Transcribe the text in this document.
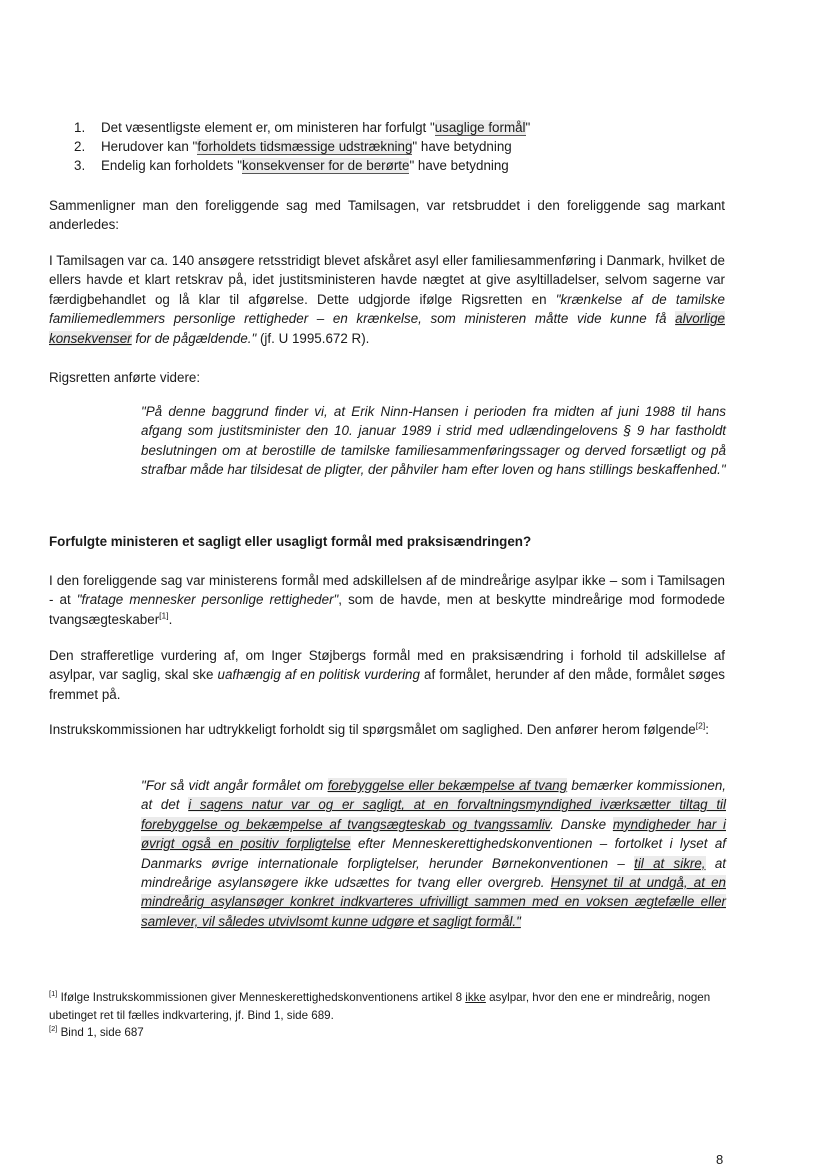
1. Det væsentligste element er, om ministeren har forfulgt "usaglige formål"
2. Herudover kan "forholdets tidsmæssige udstrækning" have betydning
3. Endelig kan forholdets "konsekvenser for de berørte" have betydning

Sammenligner man den foreliggende sag med Tamilsagen, var retsbruddet i den foreliggende sag markant anderledes:

I Tamilsagen var ca. 140 ansøgere retsstridigt blevet afskåret asyl eller familiesammenføring i Danmark, hvilket de ellers havde et klart retskrav på, idet justitsministeren havde nægtet at give asyltilladelser, selvom sagerne var færdigbehandlet og lå klar til afgørelse. Dette udgjorde ifølge Rigsretten en "krænkelse af de tamilske familiemedlemmers personlige rettigheder – en krænkelse, som ministeren måtte vide kunne få alvorlige konsekvenser for de pågældende." (jf. U 1995.672 R).

Rigsretten anførte videre:

"På denne baggrund finder vi, at Erik Ninn-Hansen i perioden fra midten af juni 1988 til hans afgang som justitsminister den 10. januar 1989 i strid med udlændingelovens § 9 har fastholdt beslutningen om at berostille de tamilske familiesammenføringssager og derved forsætligt og på strafbar måde har tilsidesat de pligter, der påhviler ham efter loven og hans stillings beskaffenhed."

Forfulgte ministeren et sagligt eller usagligt formål med praksisændringen?

I den foreliggende sag var ministerens formål med adskillelsen af de mindreårige asylpar ikke – som i Tamilsagen - at "fratage mennesker personlige rettigheder", som de havde, men at beskytte mindreårige mod formodede tvangsægteskaber[1].

Den strafferetlige vurdering af, om Inger Støjbergs formål med en praksisændring i forhold til adskillelse af asylpar, var saglig, skal ske uafhængig af en politisk vurdering af formålet, herunder af den måde, formålet søges fremmet på.

Instrukskommissionen har udtrykkeligt forholdt sig til spørgsmålet om saglighed. Den anfører herom følgende[2]:

"For så vidt angår formålet om forebyggelse eller bekæmpelse af tvang bemærker kommissionen, at det i sagens natur var og er sagligt, at en forvaltningsmyndighed iværksætter tiltag til forebyggelse og bekæmpelse af tvangsægteskab og tvangssamliv. Danske myndigheder har i øvrigt også en positiv forpligtelse efter Menneskerettighedskonventionen – fortolket i lyset af Danmarks øvrige internationale forpligtelser, herunder Børnekonventionen – til at sikre, at mindreårige asylansøgere ikke udsættes for tvang eller overgreb. Hensynet til at undgå, at en mindreårig asylansøger konkret indkvarteres ufrivilligt sammen med en voksen ægtefælle eller samlever, vil således utvivlsomt kunne udgøre et sagligt formål."

[1] Ifølge Instrukskommissionen giver Menneskerettighedskonventionens artikel 8 ikke asylpar, hvor den ene er mindreårig, nogen ubetinget ret til fælles indkvartering, jf. Bind 1, side 689.
[2] Bind 1, side 687
8
